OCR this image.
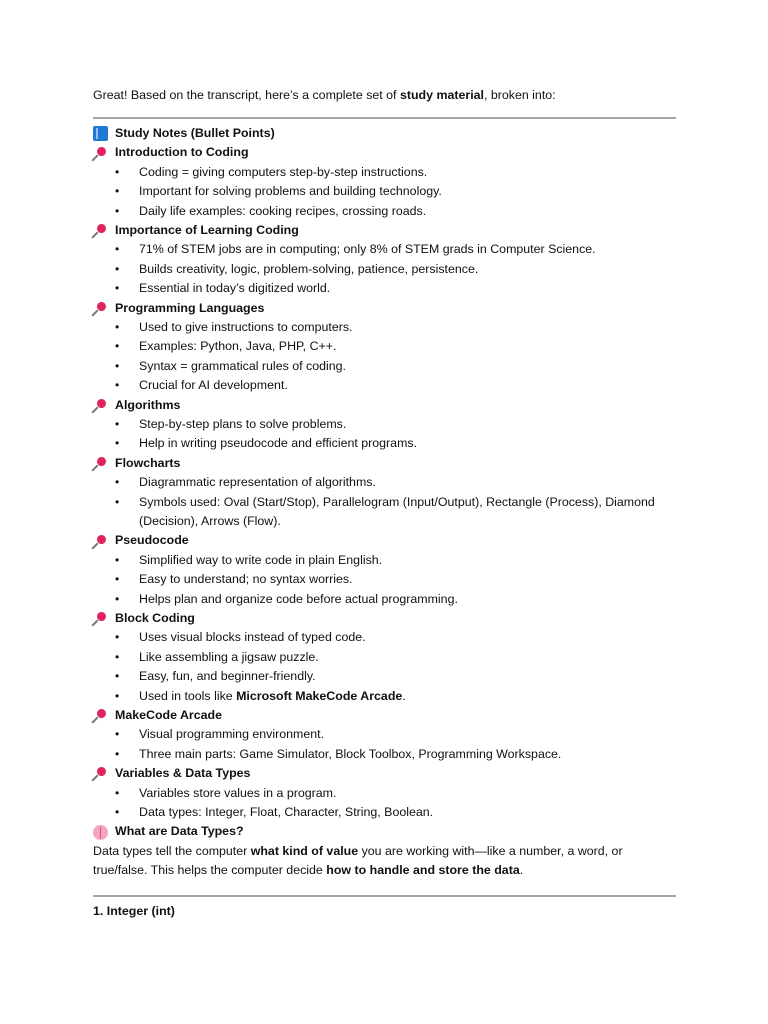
Great! Based on the transcript, here’s a complete set of study material, broken into:
Study Notes (Bullet Points)
Introduction to Coding
• Coding = giving computers step-by-step instructions.
• Important for solving problems and building technology.
• Daily life examples: cooking recipes, crossing roads.
Importance of Learning Coding
• 71% of STEM jobs are in computing; only 8% of STEM grads in Computer Science.
• Builds creativity, logic, problem-solving, patience, persistence.
• Essential in today’s digitized world.
Programming Languages
• Used to give instructions to computers.
• Examples: Python, Java, PHP, C++.
• Syntax = grammatical rules of coding.
• Crucial for AI development.
Algorithms
• Step-by-step plans to solve problems.
• Help in writing pseudocode and efficient programs.
Flowcharts
• Diagrammatic representation of algorithms.
• Symbols used: Oval (Start/Stop), Parallelogram (Input/Output), Rectangle (Process), Diamond (Decision), Arrows (Flow).
Pseudocode
• Simplified way to write code in plain English.
• Easy to understand; no syntax worries.
• Helps plan and organize code before actual programming.
Block Coding
• Uses visual blocks instead of typed code.
• Like assembling a jigsaw puzzle.
• Easy, fun, and beginner-friendly.
• Used in tools like Microsoft MakeCode Arcade.
MakeCode Arcade
• Visual programming environment.
• Three main parts: Game Simulator, Block Toolbox, Programming Workspace.
Variables & Data Types
• Variables store values in a program.
• Data types: Integer, Float, Character, String, Boolean.
What are Data Types?

Data types tell the computer what kind of value you are working with—like a number, a word, or true/false. This helps the computer decide how to handle and store the data.

1. Integer (int)
